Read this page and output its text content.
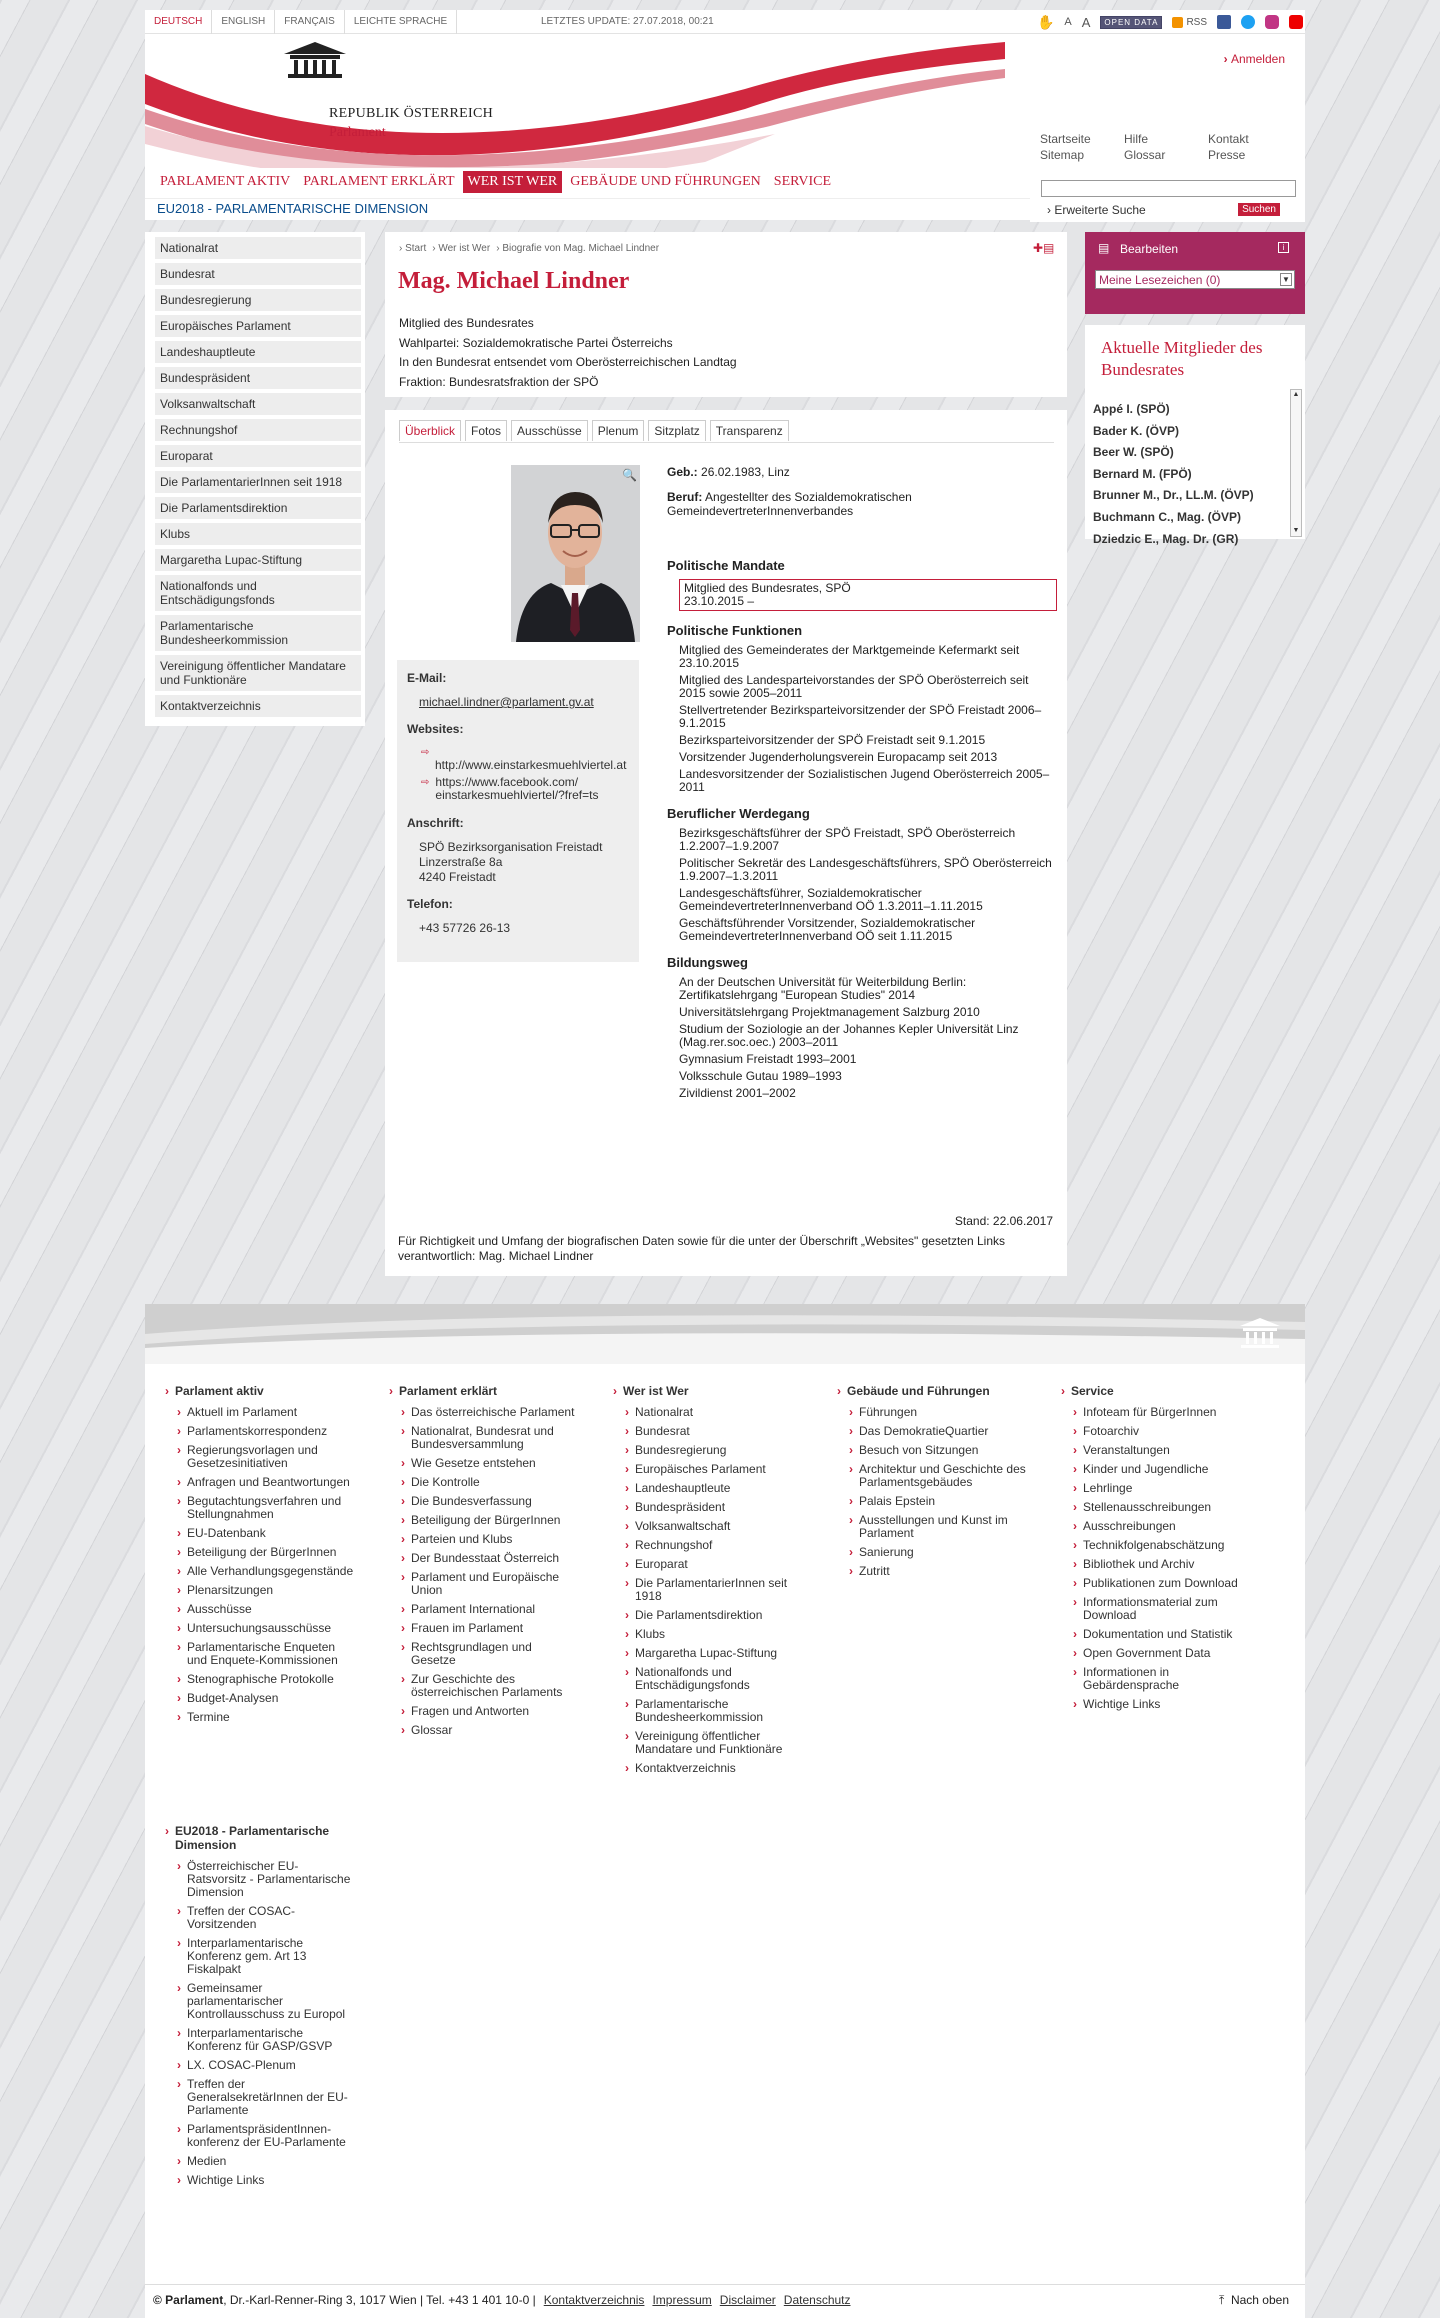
DEUTSCH	ENGLISH	FRANÇAIS	LEICHTE SPRACHE	LETZTES UPDATE: 27.07.2018, 00:21	✋ A A	OPEN DATA	RSS
REPUBLIK ÖSTERREICH
Parlament
› Anmelden
Startseite	Hilfe	Kontakt
Sitemap	Glossar	Presse
PARLAMENT AKTIV PARLAMENT ERKLÄRT WER IST WER GEBÄUDE UND FÜHRUNGEN SERVICE
EU2018 - PARLAMENTARISCHE DIMENSION	› Erweiterte Suche	Suchen
Nationalrat
Bundesrat
Bundesregierung
Europäisches Parlament
Landeshauptleute
Bundespräsident
Volksanwaltschaft
Rechnungshof
Europarat
Die ParlamentarierInnen seit 1918
Die Parlamentsdirektion
Klubs
Margaretha Lupac-Stiftung
Nationalfonds und Entschädigungsfonds
Parlamentarische Bundesheerkommission
Vereinigung öffentlicher Mandatare und Funktionäre
Kontaktverzeichnis
› Start › Wer ist Wer › Biografie von Mag. Michael Lindner	✚▤
Mag. Michael Lindner
Mitglied des Bundesrates
Wahlpartei: Sozialdemokratische Partei Österreichs
In den Bundesrat entsendet vom Oberösterreichischen Landtag
Fraktion: Bundesratsfraktion der SPÖ
Überblick	Fotos	Ausschüsse	Plenum	Sitzplatz	Transparenz
🔍
E-Mail:
michael.lindner@parlament.gv.at
Websites:
⇨
http://www.einstarkesmuehlviertel.at
⇨ https://www.facebook.com/ einstarkesmuehlviertel/?fref=ts
Anschrift:
SPÖ Bezirksorganisation Freistadt
Linzerstraße 8a
4240 Freistadt
Telefon:
+43 57726 26-13
Geb.: 26.02.1983, Linz
Beruf: Angestellter des Sozialdemokratischen GemeindevertreterInnenverbandes
Politische Mandate
Mitglied des Bundesrates, SPÖ
23.10.2015 –
Politische Funktionen
Mitglied des Gemeinderates der Marktgemeinde Kefermarkt seit 23.10.2015
Mitglied des Landesparteivorstandes der SPÖ Oberösterreich seit 2015 sowie 2005–2011
Stellvertretender Bezirksparteivorsitzender der SPÖ Freistadt 2006–9.1.2015
Bezirksparteivorsitzender der SPÖ Freistadt seit 9.1.2015
Vorsitzender Jugenderholungsverein Europacamp seit 2013
Landesvorsitzender der Sozialistischen Jugend Oberösterreich 2005–2011
Beruflicher Werdegang
Bezirksgeschäftsführer der SPÖ Freistadt, SPÖ Oberösterreich 1.2.2007–1.9.2007
Politischer Sekretär des Landesgeschäftsführers, SPÖ Oberösterreich 1.9.2007–1.3.2011
Landesgeschäftsführer, Sozialdemokratischer GemeindevertreterInnenverband OÖ 1.3.2011–1.11.2015
Geschäftsführender Vorsitzender, Sozialdemokratischer GemeindevertreterInnenverband OÖ seit 1.11.2015
Bildungsweg
An der Deutschen Universität für Weiterbildung Berlin: Zertifikatslehrgang "European Studies" 2014
Universitätslehrgang Projektmanagement Salzburg 2010
Studium der Soziologie an der Johannes Kepler Universität Linz (Mag.rer.soc.oec.) 2003–2011
Gymnasium Freistadt 1993–2001
Volksschule Gutau 1989–1993
Zivildienst 2001–2002
Stand: 22.06.2017
Für Richtigkeit und Umfang der biografischen Daten sowie für die unter der Überschrift „Websites" gesetzten Links verantwortlich: Mag. Michael Lindner
▤ Bearbeiten	i
Meine Lesezeichen (0)	▼
Aktuelle Mitglieder des Bundesrates
Appé I. (SPÖ)
Bader K. (ÖVP)
Beer W. (SPÖ)
Bernard M. (FPÖ)
Brunner M., Dr., LL.M. (ÖVP)
Buchmann C., Mag. (ÖVP)
Dziedzic E., Mag. Dr. (GR)
▲
▼
› Parlament aktiv
› Aktuell im Parlament
› Parlamentskorrespondenz
› Regierungsvorlagen und Gesetzesinitiativen
› Anfragen und Beantwortungen
› Begutachtungsverfahren und Stellungnahmen
› EU-Datenbank
› Beteiligung der BürgerInnen
› Alle Verhandlungsgegenstände
› Plenarsitzungen
› Ausschüsse
› Untersuchungsausschüsse
› Parlamentarische Enqueten und Enquete-Kommissionen
› Stenographische Protokolle
› Budget-Analysen
› Termine
› EU2018 - Parlamentarische Dimension
› Österreichischer EU-Ratsvorsitz - Parlamentarische Dimension
› Treffen der COSAC-Vorsitzenden
› Interparlamentarische Konferenz gem. Art 13 Fiskalpakt
› Gemeinsamer parlamentarischer Kontrollausschuss zu Europol
› Interparlamentarische Konferenz für GASP/GSVP
› LX. COSAC-Plenum
› Treffen der GeneralsekretärInnen der EU-Parlamente
› ParlamentspräsidentInnen-konferenz der EU-Parlamente
› Medien
› Wichtige Links
› Parlament erklärt
› Das österreichische Parlament
› Nationalrat, Bundesrat und Bundesversammlung
› Wie Gesetze entstehen
› Die Kontrolle
› Die Bundesverfassung
› Beteiligung der BürgerInnen
› Parteien und Klubs
› Der Bundesstaat Österreich
› Parlament und Europäische Union
› Parlament International
› Frauen im Parlament
› Rechtsgrundlagen und Gesetze
› Zur Geschichte des österreichischen Parlaments
› Fragen und Antworten
› Glossar
› Wer ist Wer
› Nationalrat
› Bundesrat
› Bundesregierung
› Europäisches Parlament
› Landeshauptleute
› Bundespräsident
› Volksanwaltschaft
› Rechnungshof
› Europarat
› Die ParlamentarierInnen seit 1918
› Die Parlamentsdirektion
› Klubs
› Margaretha Lupac-Stiftung
› Nationalfonds und Entschädigungsfonds
› Parlamentarische Bundesheerkommission
› Vereinigung öffentlicher Mandatare und Funktionäre
› Kontaktverzeichnis
› Gebäude und Führungen
› Führungen
› Das DemokratieQuartier
› Besuch von Sitzungen
› Architektur und Geschichte des Parlamentsgebäudes
› Palais Epstein
› Ausstellungen und Kunst im Parlament
› Sanierung
› Zutritt
› Service
› Infoteam für BürgerInnen
› Fotoarchiv
› Veranstaltungen
› Kinder und Jugendliche
› Lehrlinge
› Stellenausschreibungen
› Ausschreibungen
› Technikfolgenabschätzung
› Bibliothek und Archiv
› Publikationen zum Download
› Informationsmaterial zum Download
› Dokumentation und Statistik
› Open Government Data
› Informationen in Gebärdensprache
› Wichtige Links
© Parlament, Dr.-Karl-Renner-Ring 3, 1017 Wien | Tel. +43 1 401 10-0 | Kontaktverzeichnis Impressum Disclaimer Datenschutz	⤒ Nach oben
